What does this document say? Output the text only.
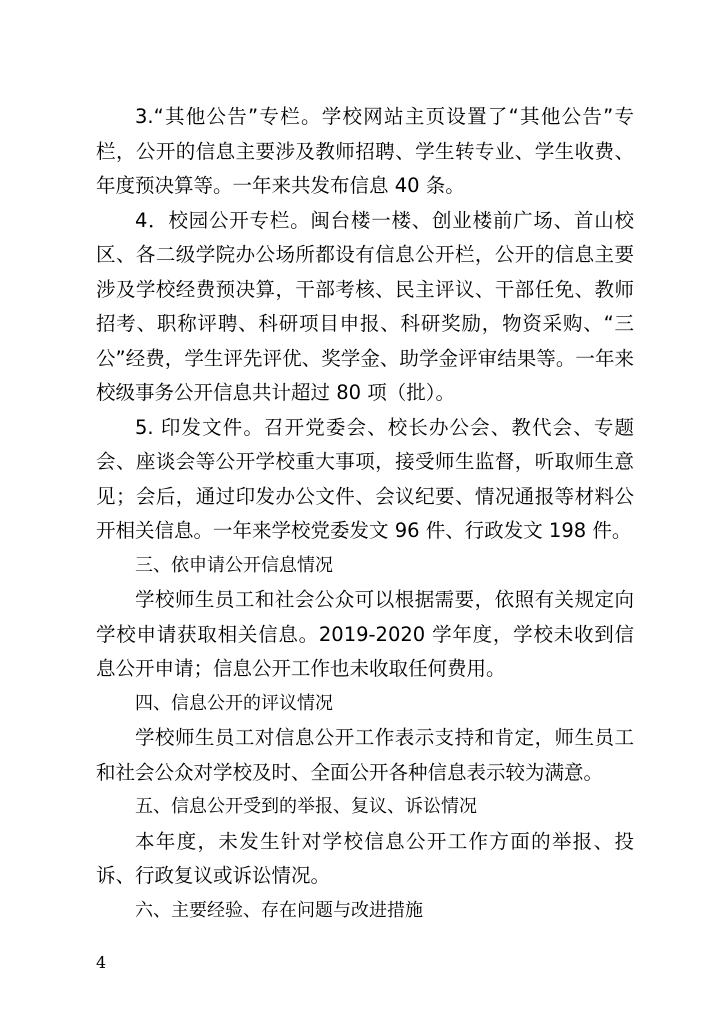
3.“其他公告”专栏。学校网站主页设置了“其他公告”专栏，公开的信息主要涉及教师招聘、学生转专业、学生收费、年度预决算等。一年来共发布信息 40 条。

4．校园公开专栏。闽台楼一楼、创业楼前广场、首山校区、各二级学院办公场所都设有信息公开栏，公开的信息主要涉及学校经费预决算，干部考核、民主评议、干部任免、教师招考、职称评聘、科研项目申报、科研奖励，物资采购、“三公”经费，学生评先评优、奖学金、助学金评审结果等。一年来校级事务公开信息共计超过 80 项（批）。

5. 印发文件。召开党委会、校长办公会、教代会、专题会、座谈会等公开学校重大事项，接受师生监督，听取师生意见；会后，通过印发办公文件、会议纪要、情况通报等材料公开相关信息。一年来学校党委发文 96 件、行政发文 198 件。

三、依申请公开信息情况

学校师生员工和社会公众可以根据需要，依照有关规定向学校申请获取相关信息。2019-2020 学年度，学校未收到信息公开申请；信息公开工作也未收取任何费用。

四、信息公开的评议情况

学校师生员工对信息公开工作表示支持和肯定，师生员工和社会公众对学校及时、全面公开各种信息表示较为满意。

五、信息公开受到的举报、复议、诉讼情况

本年度，未发生针对学校信息公开工作方面的举报、投诉、行政复议或诉讼情况。

六、主要经验、存在问题与改进措施

4
